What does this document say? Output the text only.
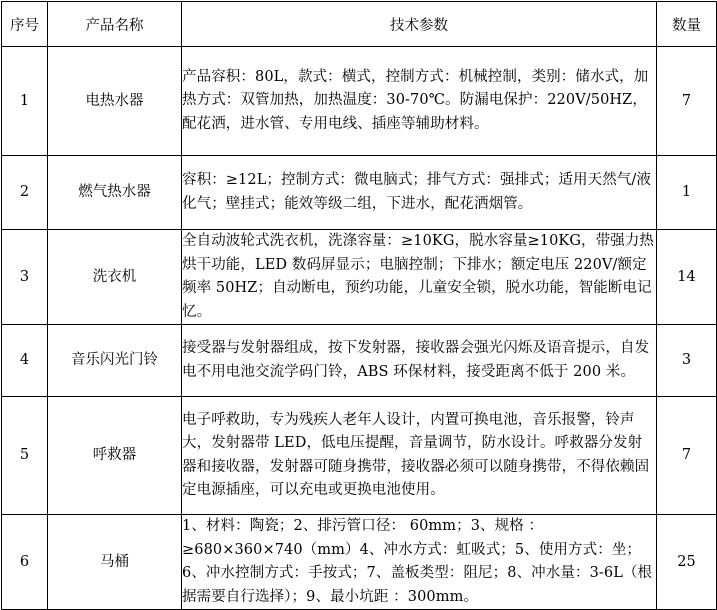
序号	产品名称	技术参数	数量
1	电热水器	产品容积：80L，款式：横式，控制方式：机械控制，类别：储水式，加热方式：双管加热，加热温度：30-70℃。防漏电保护：220V/50HZ，配花洒，进水管、专用电线、插座等辅助材料。	7
2	燃气热水器	容积：≥12L；控制方式：微电脑式；排气方式：强排式；适用天然气/液化气；壁挂式；能效等级二组，下进水，配花洒烟管。	1
3	洗衣机	全自动波轮式洗衣机，洗涤容量：≥10KG，脱水容量≥10KG，带强力热烘干功能，LED 数码屏显示；电脑控制；下排水；额定电压 220V/额定频率 50HZ；自动断电，预约功能，儿童安全锁，脱水功能，智能断电记忆。	14
4	音乐闪光门铃	接受器与发射器组成，按下发射器，接收器会强光闪烁及语音提示，自发电不用电池交流学码门铃，ABS 环保材料，接受距离不低于 200 米。	3
5	呼救器	电子呼救助，专为残疾人老年人设计，内置可换电池，音乐报警，铃声大，发射器带 LED，低电压提醒，音量调节，防水设计。呼救器分发射器和接收器，发射器可随身携带，接收器必须可以随身携带，不得依赖固定电源插座，可以充电或更换电池使用。	7
6	马桶	1、材料：陶瓷；2、排污管口径： 60mm；3、规格 ：≥680×360×740（mm）4、冲水方式：虹吸式；5、使用方式：坐；6、冲水控制方式：手按式；7、盖板类型：阻尼；8、冲水量：3-6L（根据需要自行选择）；9、最小坑距 ：300mm。	25
